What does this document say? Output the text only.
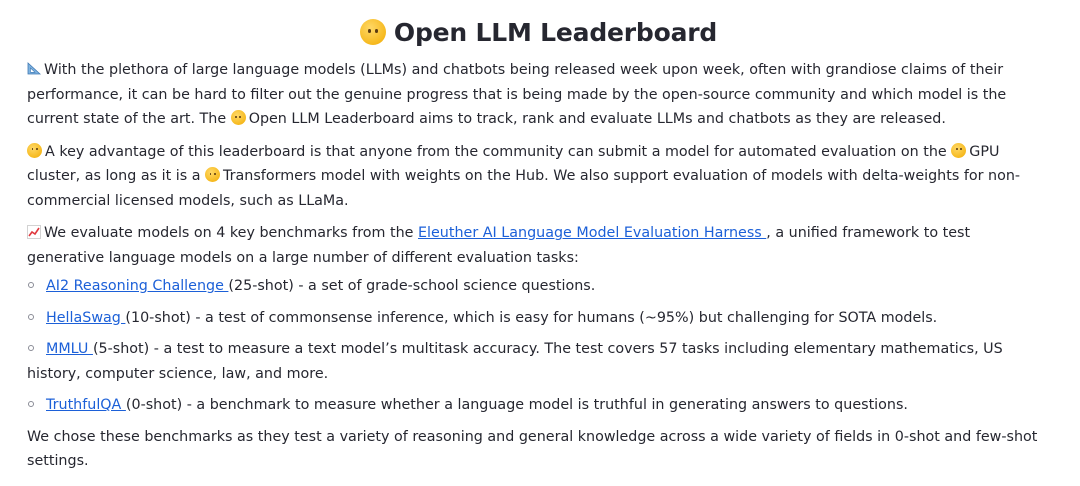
Open LLM Leaderboard

With the plethora of large language models (LLMs) and chatbots being released week upon week, often with grandiose claims of their performance, it can be hard to filter out the genuine progress that is being made by the open-source community and which model is the current state of the art. The Open LLM Leaderboard aims to track, rank and evaluate LLMs and chatbots as they are released.

A key advantage of this leaderboard is that anyone from the community can submit a model for automated evaluation on the GPU cluster, as long as it is a Transformers model with weights on the Hub. We also support evaluation of models with delta-weights for non-commercial licensed models, such as LLaMa.

We evaluate models on 4 key benchmarks from the Eleuther AI Language Model Evaluation Harness , a unified framework to test generative language models on a large number of different evaluation tasks:

AI2 Reasoning Challenge (25-shot) - a set of grade-school science questions.
HellaSwag (10-shot) - a test of commonsense inference, which is easy for humans (~95%) but challenging for SOTA models.
MMLU (5-shot) - a test to measure a text model’s multitask accuracy. The test covers 57 tasks including elementary mathematics, US history, computer science, law, and more.
TruthfulQA (0-shot) - a benchmark to measure whether a language model is truthful in generating answers to questions.

We chose these benchmarks as they test a variety of reasoning and general knowledge across a wide variety of fields in 0-shot and few-shot settings.
